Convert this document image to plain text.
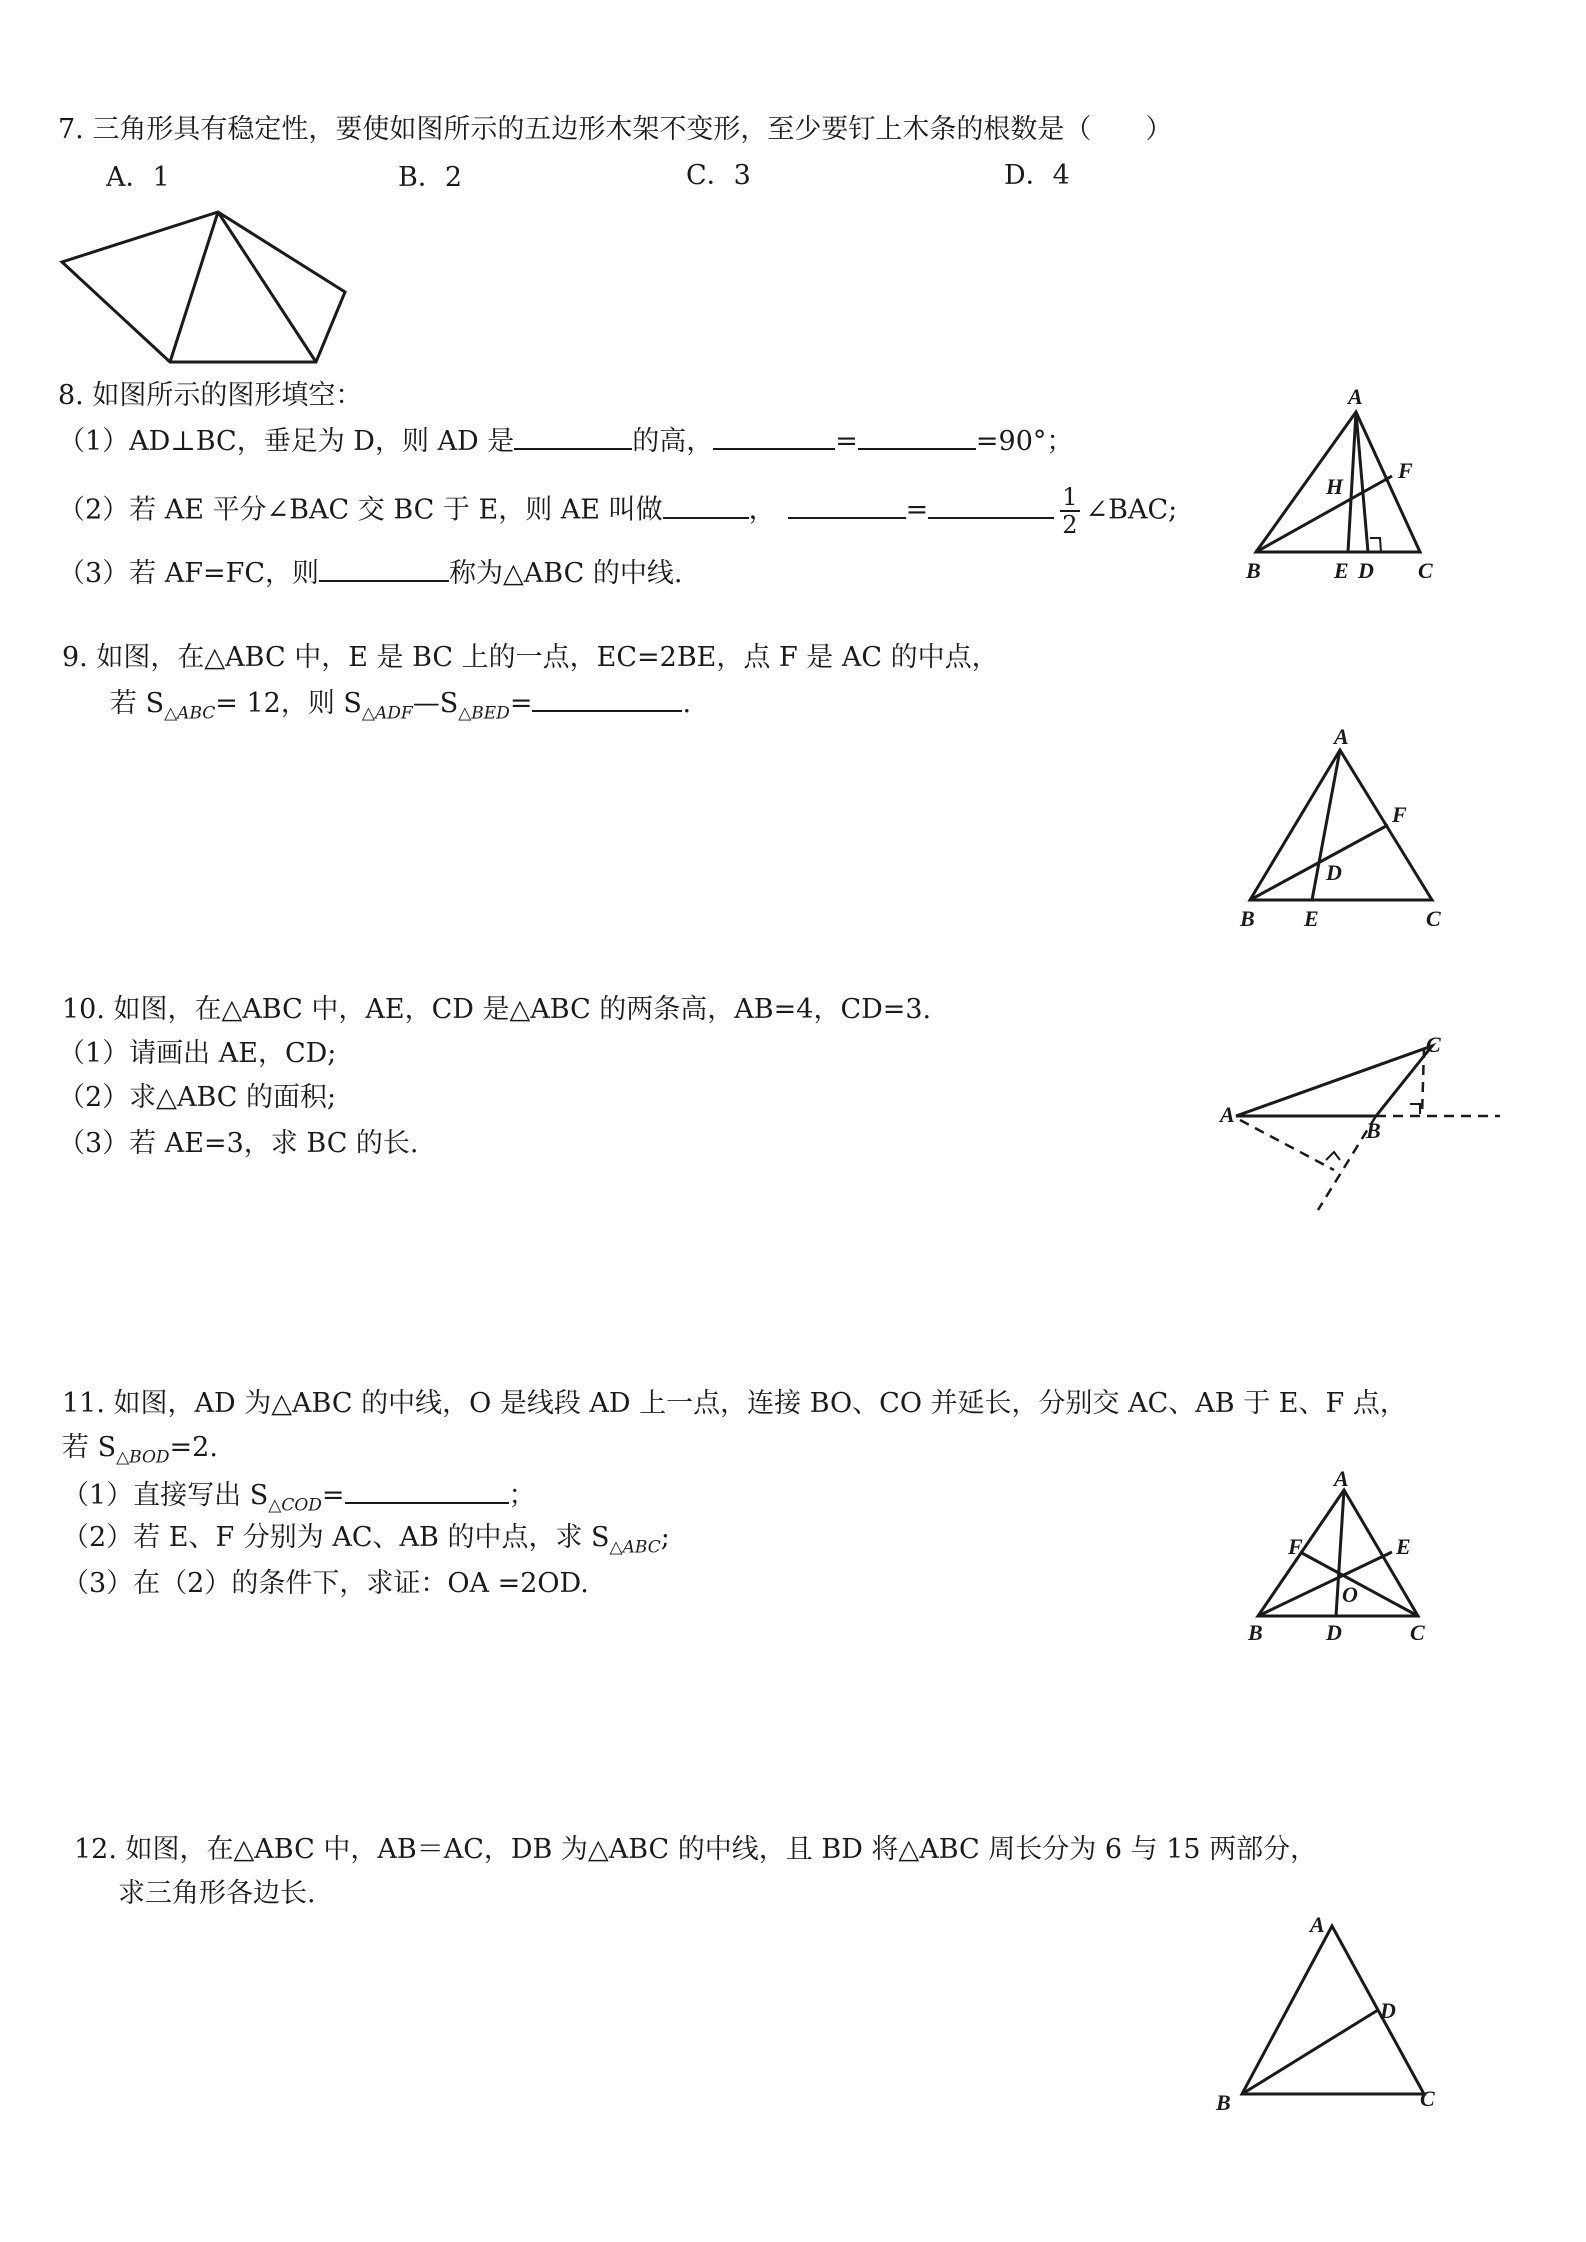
7. 三角形具有稳定性，要使如图所示的五边形木架不变形，至少要钉上木条的根数是（　　）
A．1	B．2	C．3	D．4
8. 如图所示的图形填空：
（1）AD⊥BC，垂足为 D，则 AD 是	的高，	=	=90°；
（2）若 AE 平分∠BAC 交 BC 于 E，则 AE 叫做	，	=	$\frac{1}{2}$ ∠BAC;
（3）若 AF=FC，则	称为△ABC 的中线.
A
B	C
E D
F
H
9. 如图，在△ABC 中，E 是 BC 上的一点，EC=2BE，点 F 是 AC 的中点，
若 $S_{\triangle ABC}= 12$，则 $S_{\triangle ADF}—S_{\triangle BED}=$	.
A
B	C
E
D
F
10. 如图，在△ABC 中，AE，CD 是△ABC 的两条高，AB=4，CD=3.
（1）请画出 AE，CD;
（2）求△ABC 的面积;
（3）若 AE=3，求 BC 的长.
A
B
C
11. 如图，AD 为△ABC 的中线，O 是线段 AD 上一点，连接 BO、CO 并延长，分别交 AC、AB 于 E、F 点，
若 $S_{\triangle BOD}=2$.
（1）直接写出 $S_{\triangle COD}=$	；
（2）若 E、F 分别为 AC、AB 的中点，求 $S_{\triangle ABC}$;
（3）在（2）的条件下，求证：OA =2OD.
A
B	C
D
E
F
O
12. 如图，在△ABC 中，AB＝AC，DB 为△ABC 的中线，且 BD 将△ABC 周长分为 6 与 15 两部分，
求三角形各边长.
A
B	C
D
